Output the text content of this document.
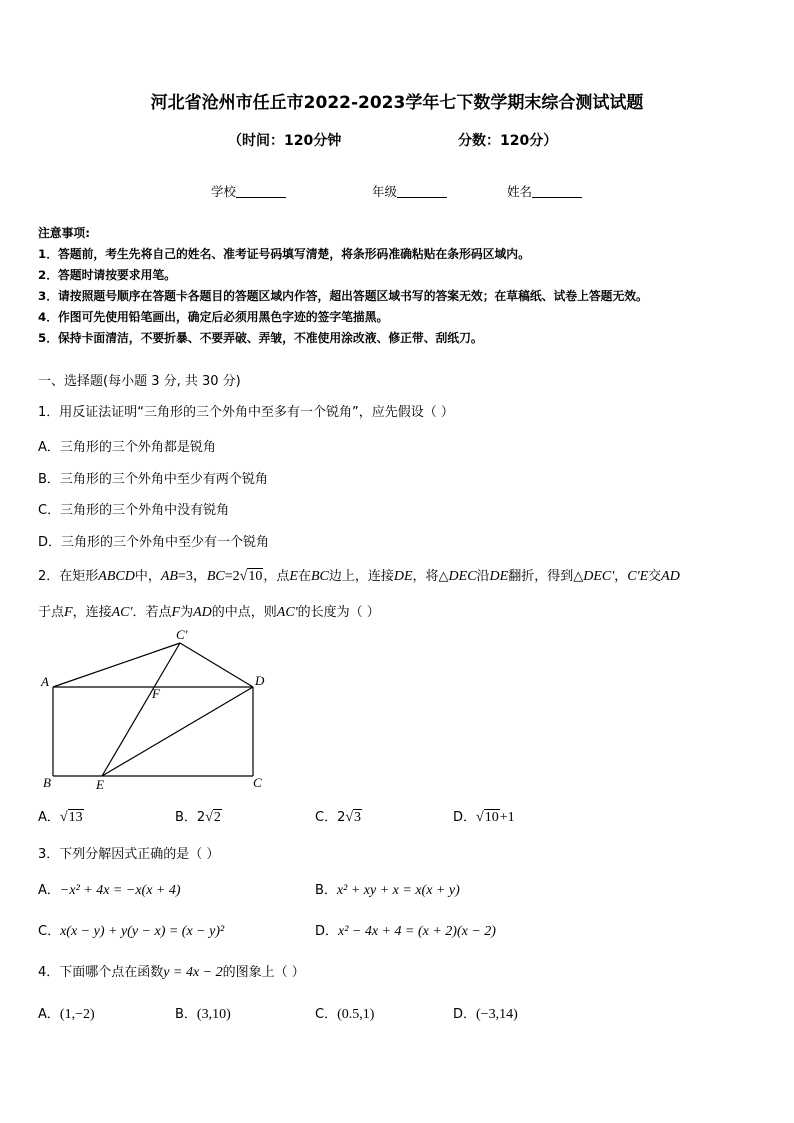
河北省沧州市任丘市2022-2023学年七下数学期末综合测试试题
（时间：120分钟	分数：120分）
学校	年级	姓名
注意事项:
1．答题前，考生先将自己的姓名、准考证号码填写清楚，将条形码准确粘贴在条形码区域内。
2．答题时请按要求用笔。
3．请按照题号顺序在答题卡各题目的答题区域内作答，超出答题区域书写的答案无效；在草稿纸、试卷上答题无效。
4．作图可先使用铅笔画出，确定后必须用黑色字迹的签字笔描黑。
5．保持卡面清洁，不要折暴、不要弄破、弄皱，不准使用涂改液、修正带、刮纸刀。
一、选择题(每小题 3 分, 共 30 分)
1．用反证法证明“三角形的三个外角中至多有一个锐角”，应先假设（ ）
A．三角形的三个外角都是锐角
B．三角形的三个外角中至少有两个锐角
C．三角形的三个外角中没有锐角
D．三角形的三个外角中至少有一个锐角
2．在矩形ABCD中，AB=3，BC=2√10，点E在BC边上，连接DE，将△DEC沿DE翻折，得到△DEC'，C'E交AD
于点F，连接AC'．若点F为AD的中点，则AC'的长度为（ ）
A
B	C
D
E
F
C'
A．√13	B．2√2	C．2√3	D．√10+1
3．下列分解因式正确的是（ ）
A．−x² + 4x = −x(x + 4)	B．x² + xy + x = x(x + y)
C．x(x − y) + y(y − x) = (x − y)²	D．x² − 4x + 4 = (x + 2)(x − 2)
4．下面哪个点在函数y = 4x − 2的图象上（ ）
A．(1,−2)	B．(3,10)	C．(0.5,1)	D．(−3,14)
